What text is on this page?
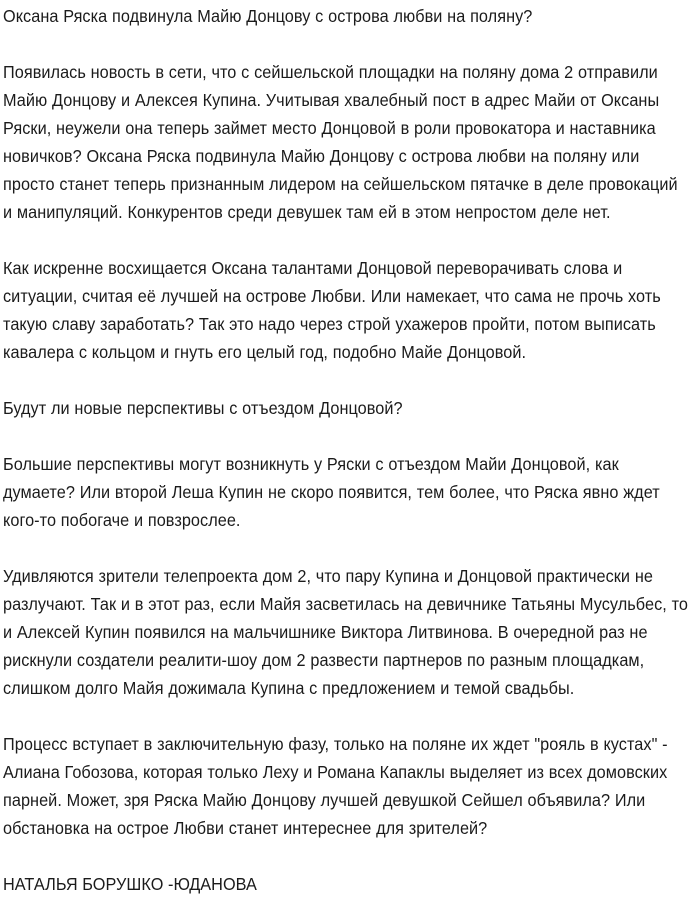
Оксана Ряска подвинула Майю Донцову с острова любви на поляну?

Появилась новость в сети, что с сейшельской площадки на поляну дома 2 отправили Майю Донцову и Алексея Купина. Учитывая хвалебный пост в адрес Майи от Оксаны Ряски, неужели она теперь займет место Донцовой в роли провокатора и наставника новичков? Оксана Ряска подвинула Майю Донцову с острова любви на поляну или просто станет теперь признанным лидером на сейшельском пятачке в деле провокаций и манипуляций. Конкурентов среди девушек там ей в этом непростом деле нет.

Как искренне восхищается Оксана талантами Донцовой переворачивать слова и ситуации, считая её лучшей на острове Любви. Или намекает, что сама не прочь хоть такую славу заработать? Так это надо через строй ухажеров пройти, потом выписать кавалера с кольцом и гнуть его целый год, подобно Майе Донцовой.

Будут ли новые перспективы с отъездом Донцовой?

Большие перспективы могут возникнуть у Ряски с отъездом Майи Донцовой, как думаете? Или второй Леша Купин не скоро появится, тем более, что Ряска явно ждет кого-то побогаче и повзрослее.

Удивляются зрители телепроекта дом 2, что пару Купина и Донцовой практически не разлучают. Так и в этот раз, если Майя засветилась на девичнике Татьяны Мусульбес, то и Алексей Купин появился на мальчишнике Виктора Литвинова. В очередной раз не рискнули создатели реалити-шоу дом 2 развести партнеров по разным площадкам, слишком долго Майя дожимала Купина с предложением и темой свадьбы.

Процесс вступает в заключительную фазу, только на поляне их ждет "рояль в кустах" - Алиана Гобозова, которая только Леху и Романа Капаклы выделяет из всех домовских парней. Может, зря Ряска Майю Донцову лучшей девушкой Сейшел объявила? Или обстановка на острое Любви станет интереснее для зрителей?

НАТАЛЬЯ БОРУШКО -ЮДАНОВА
